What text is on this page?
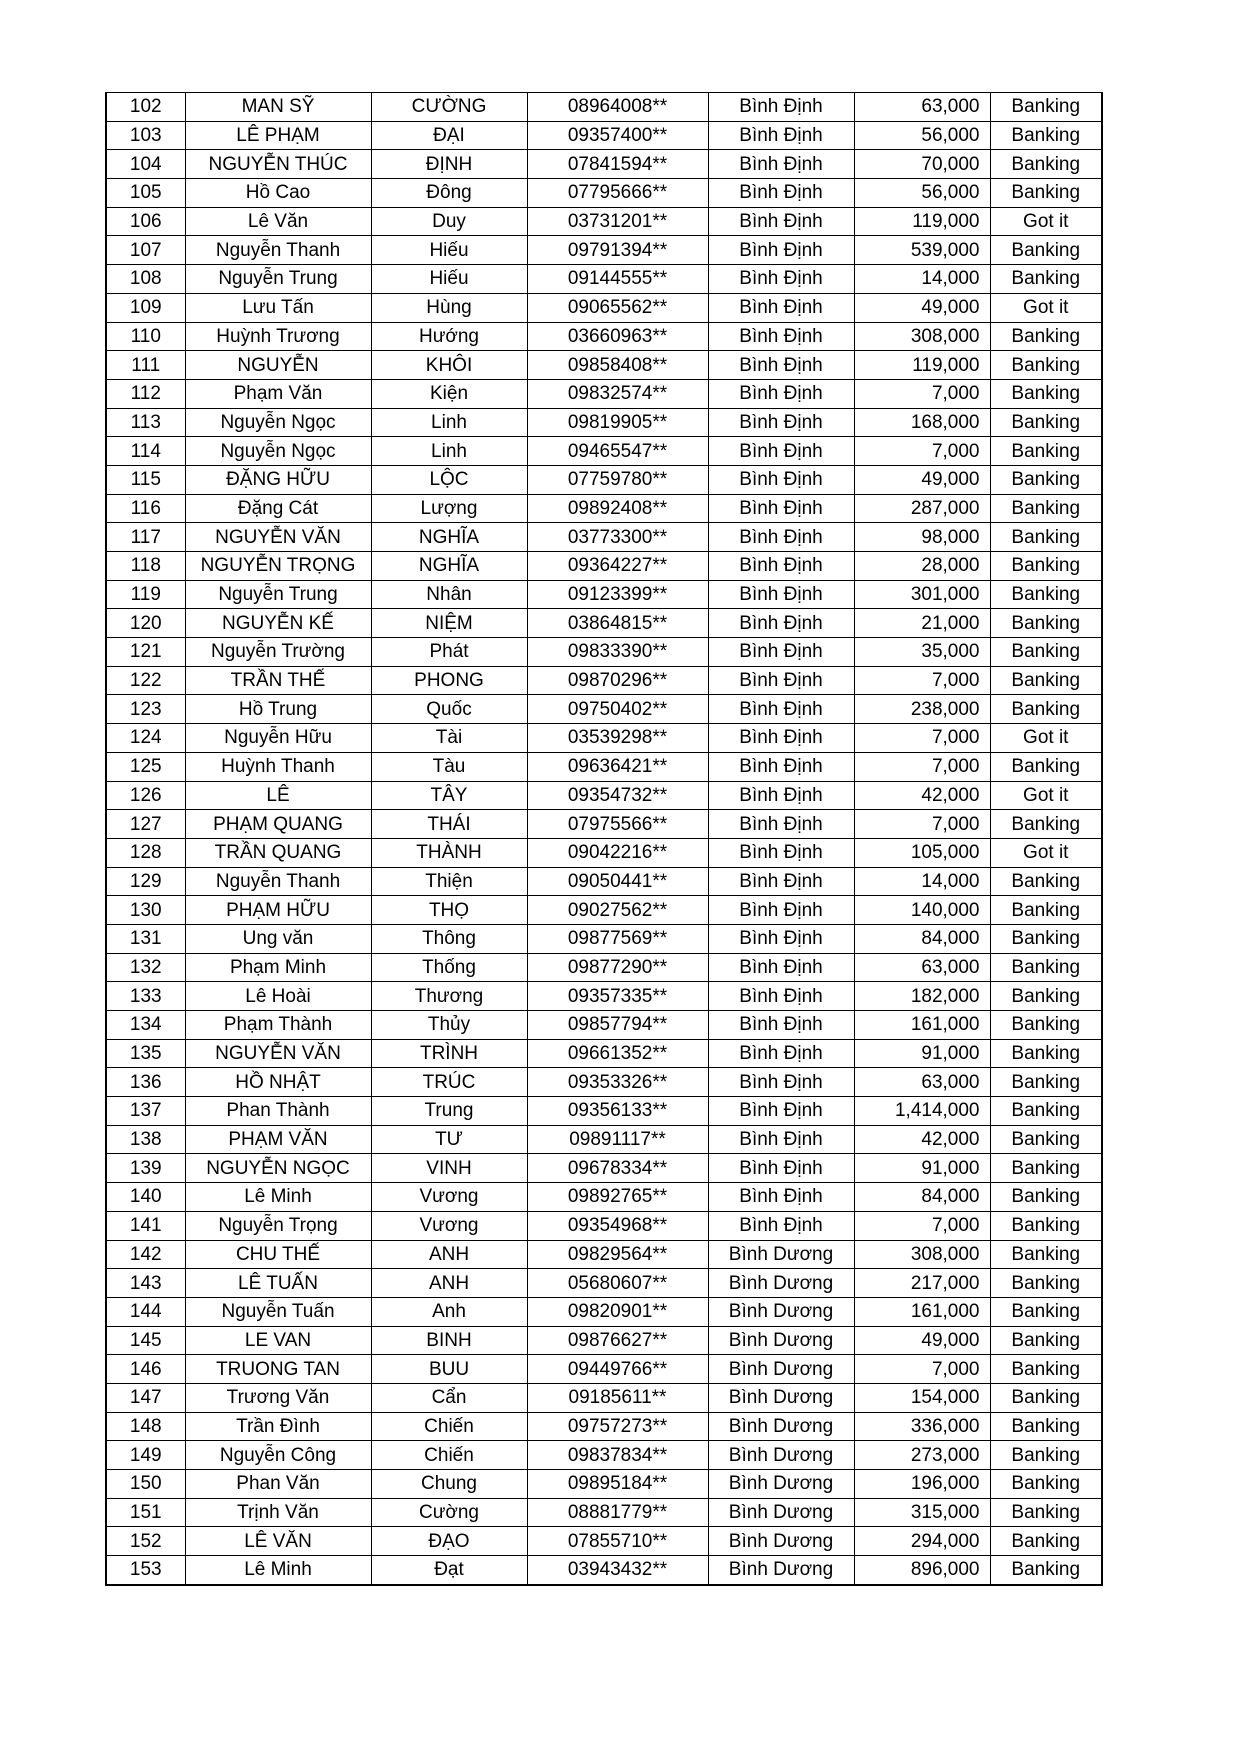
102	MAN SỸ	CƯỜNG	08964008**	Bình Định	63,000	Banking
103	LÊ PHẠM	ĐẠI	09357400**	Bình Định	56,000	Banking
104	NGUYỄN THÚC	ĐỊNH	07841594**	Bình Định	70,000	Banking
105	Hồ Cao	Đông	07795666**	Bình Định	56,000	Banking
106	Lê Văn	Duy	03731201**	Bình Định	119,000	Got it
107	Nguyễn Thanh	Hiếu	09791394**	Bình Định	539,000	Banking
108	Nguyễn Trung	Hiếu	09144555**	Bình Định	14,000	Banking
109	Lưu Tấn	Hùng	09065562**	Bình Định	49,000	Got it
110	Huỳnh Trương	Hướng	03660963**	Bình Định	308,000	Banking
111	NGUYỄN	KHÔI	09858408**	Bình Định	119,000	Banking
112	Phạm Văn	Kiện	09832574**	Bình Định	7,000	Banking
113	Nguyễn Ngọc	Linh	09819905**	Bình Định	168,000	Banking
114	Nguyễn Ngọc	Linh	09465547**	Bình Định	7,000	Banking
115	ĐẶNG HỮU	LỘC	07759780**	Bình Định	49,000	Banking
116	Đặng Cát	Lượng	09892408**	Bình Định	287,000	Banking
117	NGUYỄN VĂN	NGHĨA	03773300**	Bình Định	98,000	Banking
118	NGUYỄN TRỌNG	NGHĨA	09364227**	Bình Định	28,000	Banking
119	Nguyễn Trung	Nhân	09123399**	Bình Định	301,000	Banking
120	NGUYỄN KẾ	NIỆM	03864815**	Bình Định	21,000	Banking
121	Nguyễn Trường	Phát	09833390**	Bình Định	35,000	Banking
122	TRẦN THẾ	PHONG	09870296**	Bình Định	7,000	Banking
123	Hồ Trung	Quốc	09750402**	Bình Định	238,000	Banking
124	Nguyễn Hữu	Tài	03539298**	Bình Định	7,000	Got it
125	Huỳnh Thanh	Tàu	09636421**	Bình Định	7,000	Banking
126	LÊ	TÂY	09354732**	Bình Định	42,000	Got it
127	PHẠM QUANG	THÁI	07975566**	Bình Định	7,000	Banking
128	TRẦN QUANG	THÀNH	09042216**	Bình Định	105,000	Got it
129	Nguyễn Thanh	Thiện	09050441**	Bình Định	14,000	Banking
130	PHẠM HỮU	THỌ	09027562**	Bình Định	140,000	Banking
131	Ung văn	Thông	09877569**	Bình Định	84,000	Banking
132	Phạm Minh	Thống	09877290**	Bình Định	63,000	Banking
133	Lê Hoài	Thương	09357335**	Bình Định	182,000	Banking
134	Phạm Thành	Thủy	09857794**	Bình Định	161,000	Banking
135	NGUYỄN VĂN	TRÌNH	09661352**	Bình Định	91,000	Banking
136	HỒ NHẬT	TRÚC	09353326**	Bình Định	63,000	Banking
137	Phan Thành	Trung	09356133**	Bình Định	1,414,000	Banking
138	PHẠM VĂN	TƯ	09891117**	Bình Định	42,000	Banking
139	NGUYỄN NGỌC	VINH	09678334**	Bình Định	91,000	Banking
140	Lê Minh	Vương	09892765**	Bình Định	84,000	Banking
141	Nguyễn Trọng	Vương	09354968**	Bình Định	7,000	Banking
142	CHU THẾ	ANH	09829564**	Bình Dương	308,000	Banking
143	LÊ TUẤN	ANH	05680607**	Bình Dương	217,000	Banking
144	Nguyễn Tuấn	Anh	09820901**	Bình Dương	161,000	Banking
145	LE VAN	BINH	09876627**	Bình Dương	49,000	Banking
146	TRUONG TAN	BUU	09449766**	Bình Dương	7,000	Banking
147	Trương Văn	Cẩn	09185611**	Bình Dương	154,000	Banking
148	Trần Đình	Chiến	09757273**	Bình Dương	336,000	Banking
149	Nguyễn Công	Chiến	09837834**	Bình Dương	273,000	Banking
150	Phan Văn	Chung	09895184**	Bình Dương	196,000	Banking
151	Trịnh Văn	Cường	08881779**	Bình Dương	315,000	Banking
152	LÊ VĂN	ĐẠO	07855710**	Bình Dương	294,000	Banking
153	Lê Minh	Đạt	03943432**	Bình Dương	896,000	Banking
